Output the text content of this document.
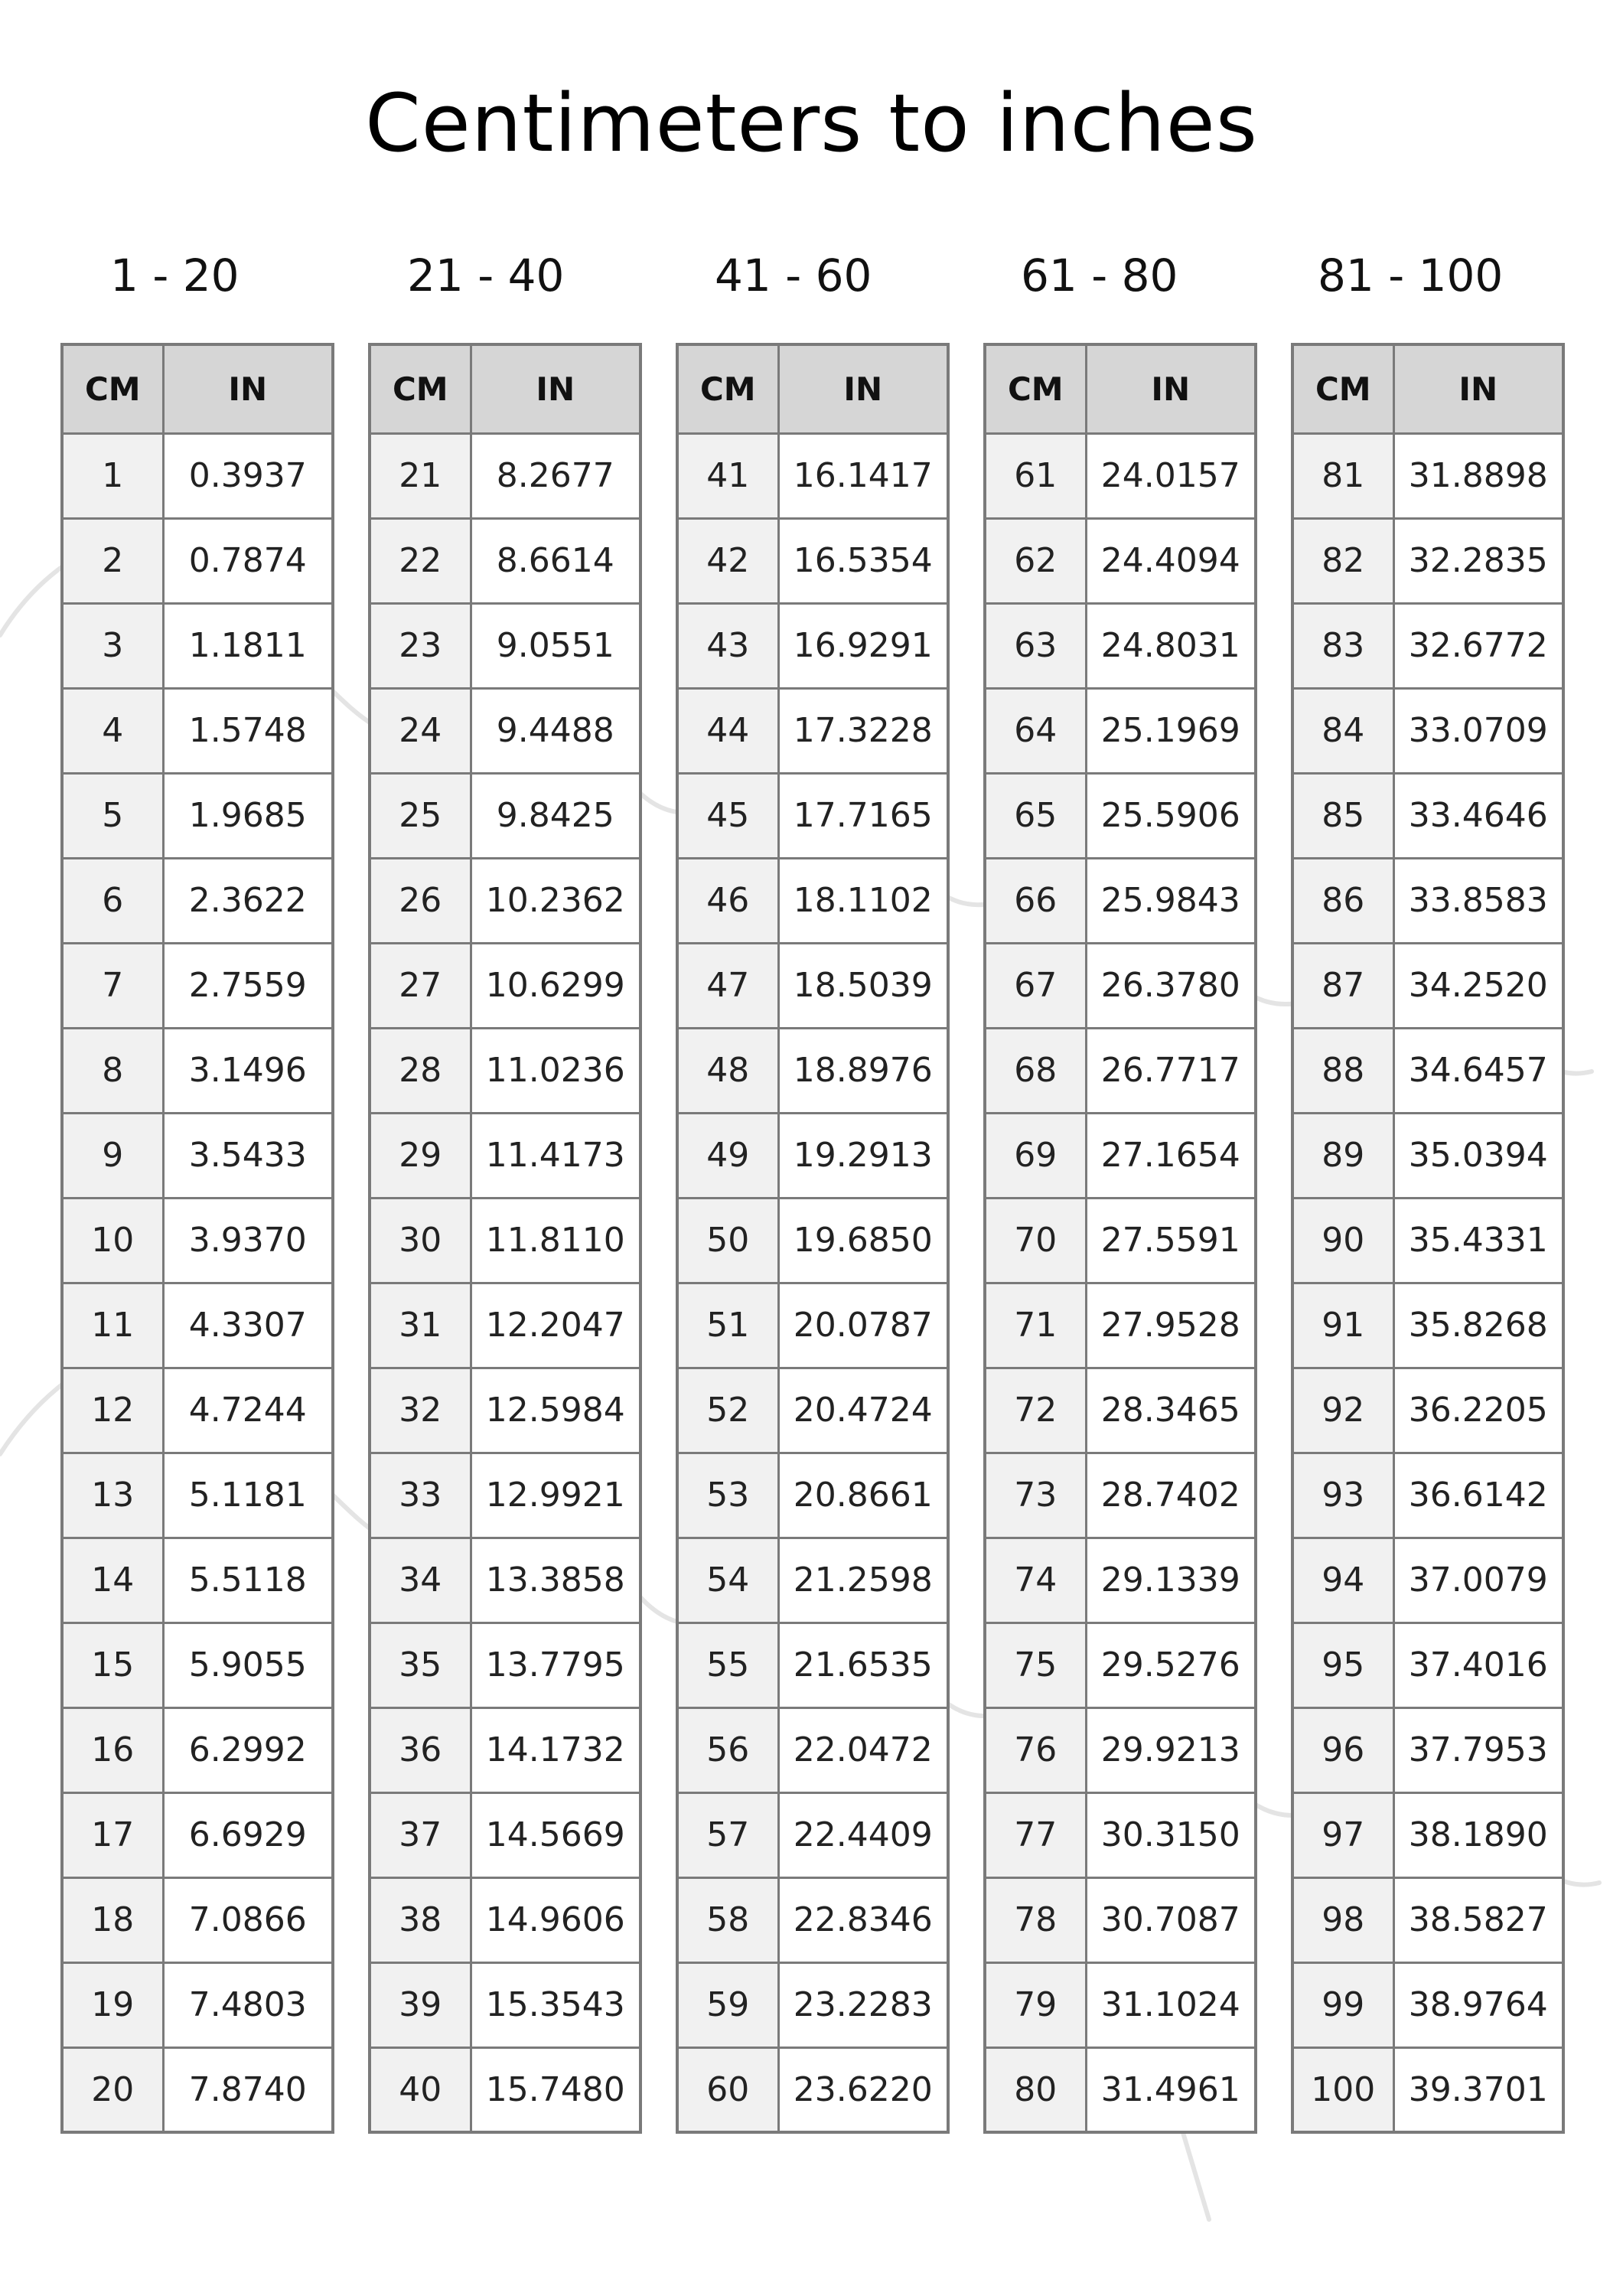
Centimeters to inches
1 - 20	21 - 40	41 - 60	61 - 80	81 - 100
CM	IN
1	0.3937
2	0.7874
3	1.1811
4	1.5748
5	1.9685
6	2.3622
7	2.7559
8	3.1496
9	3.5433
10	3.9370
11	4.3307
12	4.7244
13	5.1181
14	5.5118
15	5.9055
16	6.2992
17	6.6929
18	7.0866
19	7.4803
20	7.8740
CM	IN
21	8.2677
22	8.6614
23	9.0551
24	9.4488
25	9.8425
26	10.2362
27	10.6299
28	11.0236
29	11.4173
30	11.8110
31	12.2047
32	12.5984
33	12.9921
34	13.3858
35	13.7795
36	14.1732
37	14.5669
38	14.9606
39	15.3543
40	15.7480
CM	IN
41	16.1417
42	16.5354
43	16.9291
44	17.3228
45	17.7165
46	18.1102
47	18.5039
48	18.8976
49	19.2913
50	19.6850
51	20.0787
52	20.4724
53	20.8661
54	21.2598
55	21.6535
56	22.0472
57	22.4409
58	22.8346
59	23.2283
60	23.6220
CM	IN
61	24.0157
62	24.4094
63	24.8031
64	25.1969
65	25.5906
66	25.9843
67	26.3780
68	26.7717
69	27.1654
70	27.5591
71	27.9528
72	28.3465
73	28.7402
74	29.1339
75	29.5276
76	29.9213
77	30.3150
78	30.7087
79	31.1024
80	31.4961
CM	IN
81	31.8898
82	32.2835
83	32.6772
84	33.0709
85	33.4646
86	33.8583
87	34.2520
88	34.6457
89	35.0394
90	35.4331
91	35.8268
92	36.2205
93	36.6142
94	37.0079
95	37.4016
96	37.7953
97	38.1890
98	38.5827
99	38.9764
100	39.3701
